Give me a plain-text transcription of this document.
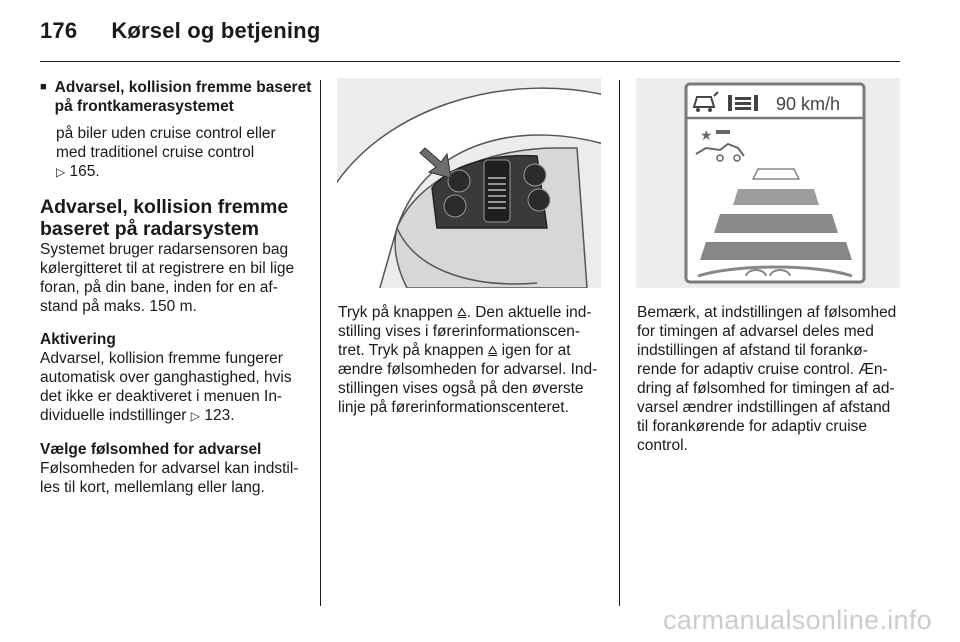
176 Kørsel og betjening
■ Advarsel, kollision fremme baseret på frontkamerasystemet

på biler uden cruise control eller

med traditionel cruise control

▷ 165.

Advarsel, kollision fremme
baseret på radarsystem

Systemet bruger radarsensoren bag

kølergitteret til at registrere en bil lige

foran, på din bane, inden for en af-

stand på maks. 150 m.

Aktivering

Advarsel, kollision fremme fungerer

automatisk over ganghastighed, hvis

det ikke er deaktiveret i menuen In-

dividuelle indstillinger ▷ 123.

Vælge følsomhed for advarsel

Følsomheden for advarsel kan indstil-

les til kort, mellemlang eller lang.

Tryk på knappen ⩠. Den aktuelle ind-

stilling vises i førerinformationscen-

tret. Tryk på knappen ⩠ igen for at

ændre følsomheden for advarsel. Ind-

stillingen vises også på den øverste

linje på førerinformationscenteret.

90 km/h
★

Bemærk, at indstillingen af følsomhed

for timingen af advarsel deles med

indstillingen af afstand til forankø-

rende for adaptiv cruise control. Æn-

dring af følsomhed for timingen af ad-

varsel ændrer indstillingen af afstand

til forankørende for adaptiv cruise

control.

carmanualsonline.info
